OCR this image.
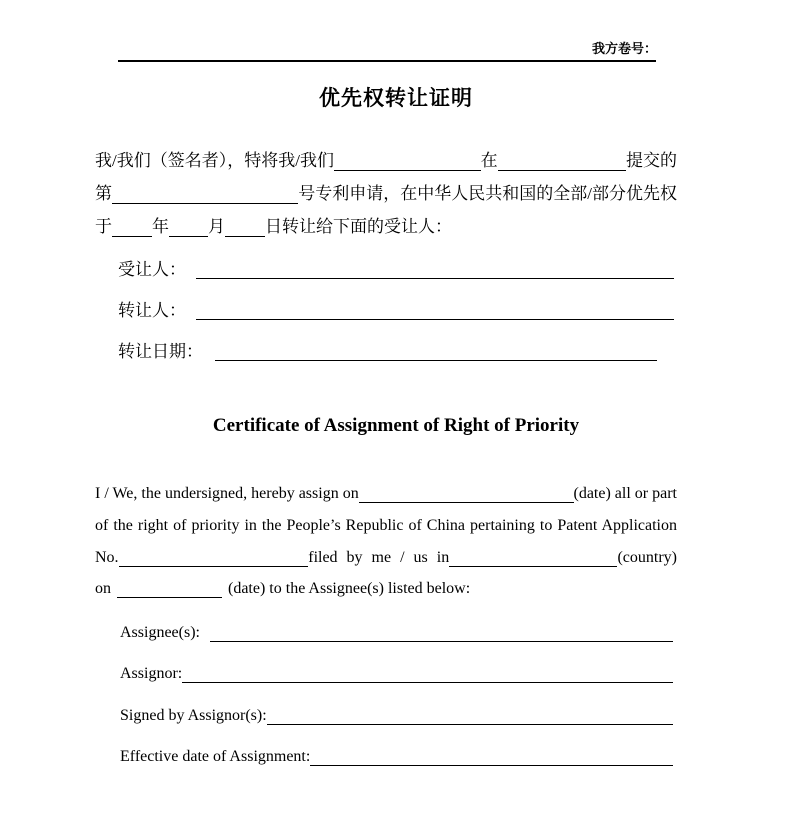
我方卷号：
优先权转让证明
我/我们（签名者），特将我/我们	在	提交的
第	号专利申请，在中华人民共和国的全部/部分优先权
于 年 月 日转让给下面的受让人：
受让人：
转让人：
转让日期：
Certificate of Assignment of Right of Priority
I / We, the undersigned, hereby assign on	(date) all or part
of the right of priority in the People’s Republic of China pertaining to Patent Application
No.	filed by me / us in	(country)
on	(date) to the Assignee(s) listed below:
Assignee(s):
Assignor:
Signed by Assignor(s):
Effective date of Assignment:
